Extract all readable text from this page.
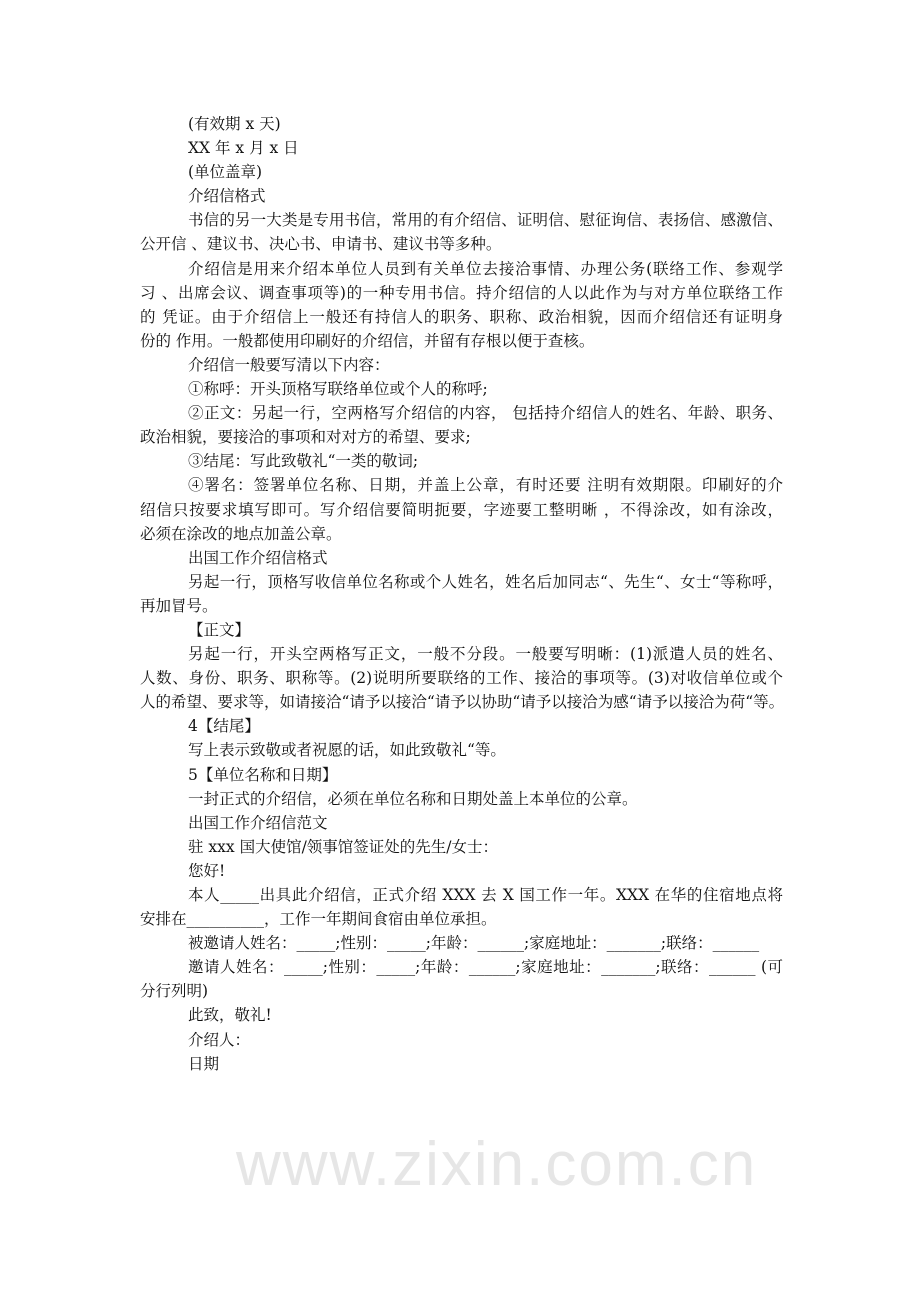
www.zixin.com.cn
(有效期 x 天)
XX 年 x 月 x 日
(单位盖章)
介绍信格式
书信的另一大类是专用书信，常用的有介绍信、证明信、慰征询信、表扬信、感激信、
公开信 、建议书、决心书、申请书、建议书等多种。
介绍信是用来介绍本单位人员到有关单位去接洽事情、办理公务(联络工作、参观学
习 、出席会议、调查事项等)的一种专用书信。持介绍信的人以此作为与对方单位联络工作
的 凭证。由于介绍信上一般还有持信人的职务、职称、政治相貌，因而介绍信还有证明身
份的 作用。一般都使用印刷好的介绍信，并留有存根以便于查核。
介绍信一般要写清以下内容：
①称呼：开头顶格写联络单位或个人的称呼;
②正文：另起一行，空两格写介绍信的内容， 包括持介绍信人的姓名、年龄、职务、
政治相貌，要接洽的事项和对对方的希望、要求;
③结尾：写此致敬礼“一类的敬词;
④署名：签署单位名称、日期，并盖上公章，有时还要 注明有效期限。印刷好的介
绍信只按要求填写即可。写介绍信要简明扼要，字迹要工整明晰 ，不得涂改，如有涂改，
必须在涂改的地点加盖公章。
出国工作介绍信格式
另起一行，顶格写收信单位名称或个人姓名，姓名后加同志“、先生“、女士“等称呼，
再加冒号。
【正文】
另起一行，开头空两格写正文，一般不分段。一般要写明晰：(1)派遣人员的姓名、
人数、身份、职务、职称等。(2)说明所要联络的工作、接洽的事项等。(3)对收信单位或个
人的希望、要求等，如请接洽“请予以接洽“请予以协助“请予以接洽为感“请予以接洽为荷“等。
4【结尾】
写上表示致敬或者祝愿的话，如此致敬礼“等。
5【单位名称和日期】
一封正式的介绍信，必须在单位名称和日期处盖上本单位的公章。
出国工作介绍信范文
驻 xxx 国大使馆/领事馆签证处的先生/女士：
您好!
本人_____出具此介绍信，正式介绍 XXX 去 X 国工作一年。XXX 在华的住宿地点将
安排在__________，工作一年期间食宿由单位承担。
被邀请人姓名：_____;性别：_____;年龄：______;家庭地址：_______;联络：______
邀请人姓名：_____;性别：_____;年龄：______;家庭地址：_______;联络：______ (可
分行列明)
此致，敬礼!
介绍人：
日期
